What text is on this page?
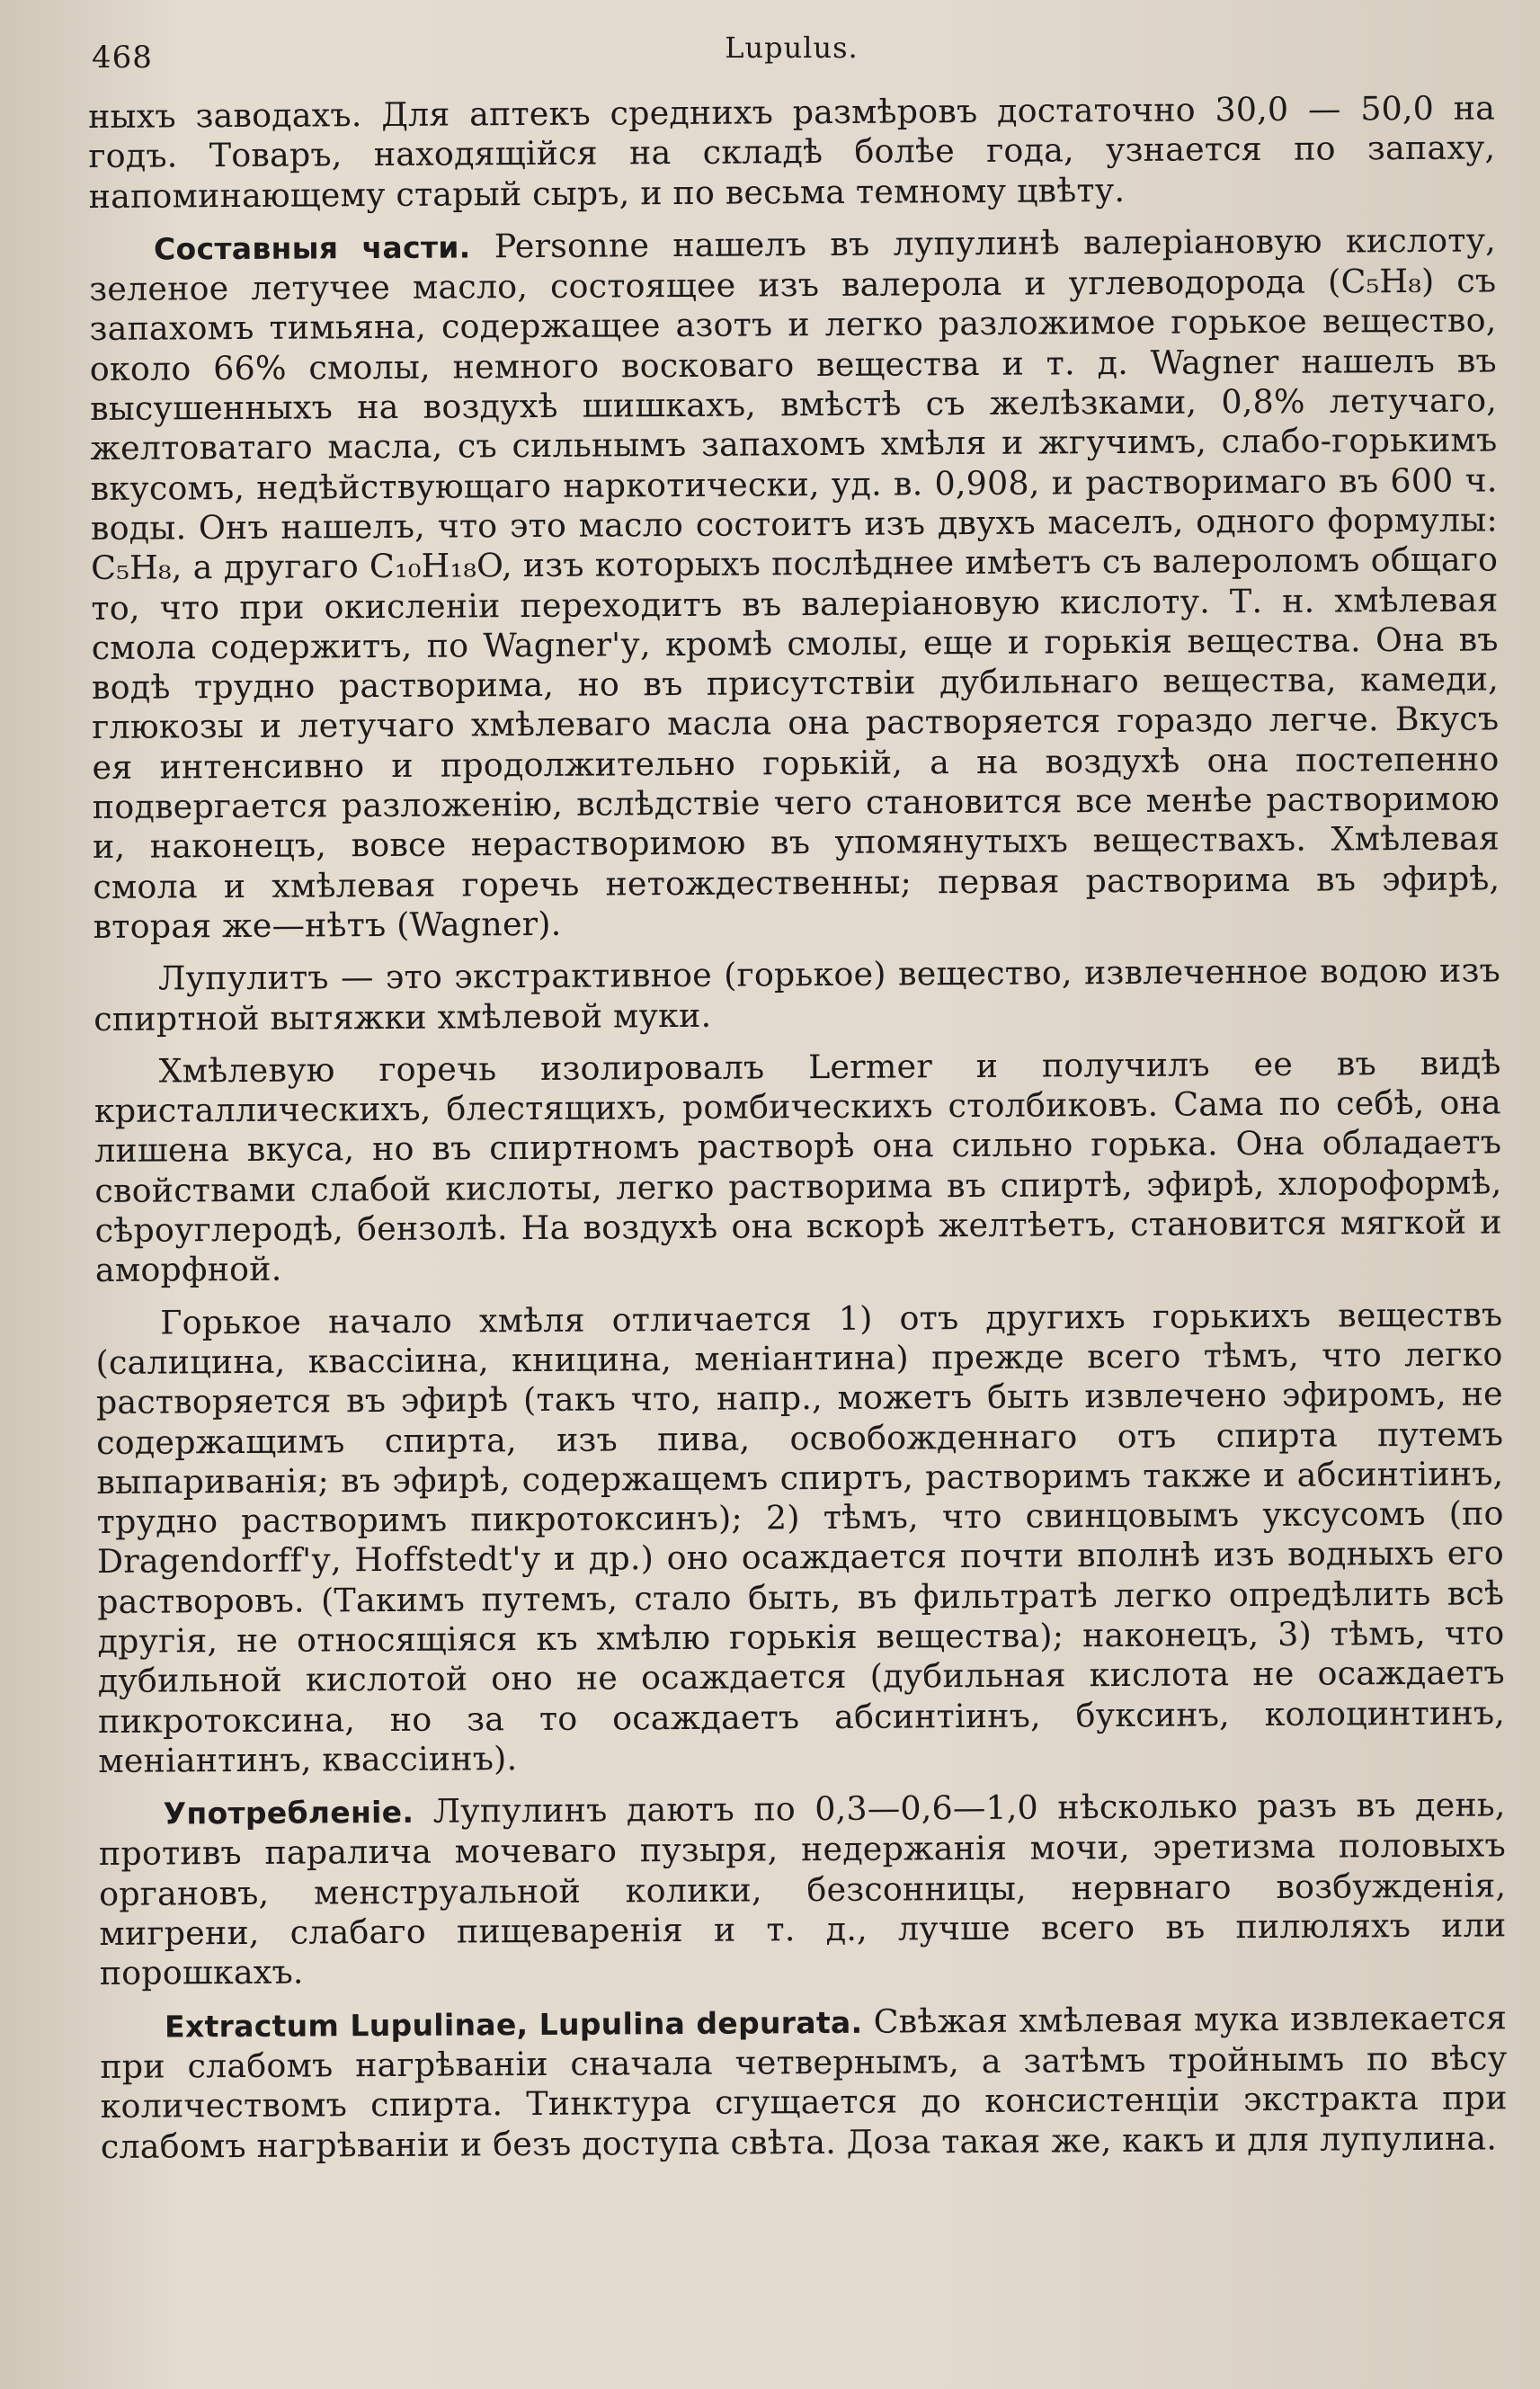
468	Lupulus.

ныхъ заводахъ. Для аптекъ среднихъ размѣровъ достаточно 30,0 — 50,0 на годъ. Товаръ, находящійся на складѣ болѣе года, узнается по запаху, напоминающему старый сыръ, и по весьма темному цвѣту.

Составныя части. Personne нашелъ въ лупулинѣ валеріановую кислоту, зеленое летучее масло, состоящее изъ валерола и углеводорода (C₅H₈) съ запахомъ тимьяна, содержащее азотъ и легко разложимое горькое вещество, около 66% смолы, немного восковаго вещества и т. д. Wagner нашелъ въ высушенныхъ на воздухѣ шишкахъ, вмѣстѣ съ желѣзками, 0,8% летучаго, желтоватаго масла, съ сильнымъ запахомъ хмѣля и жгучимъ, слабо-горькимъ вкусомъ, недѣйствующаго наркотически, уд. в. 0,908, и растворимаго въ 600 ч. воды. Онъ нашелъ, что это масло состоитъ изъ двухъ маселъ, одного формулы: C₅H₈, а другаго C₁₀H₁₈O, изъ которыхъ послѣднее имѣетъ съ валероломъ общаго то, что при окисленіи переходитъ въ валеріановую кислоту. Т. н. хмѣлевая смола содержитъ, по Wagner'у, кромѣ смолы, еще и горькія вещества. Она въ водѣ трудно растворима, но въ присутствіи дубильнаго вещества, камеди, глюкозы и летучаго хмѣлеваго масла она растворяется гораздо легче. Вкусъ ея интенсивно и продолжительно горькій, а на воздухѣ она постепенно подвергается разложенію, вслѣдствіе чего становится все менѣе растворимою и, наконецъ, вовсе нерастворимою въ упомянутыхъ веществахъ. Хмѣлевая смола и хмѣлевая горечь нетождественны; первая растворима въ эфирѣ, вторая же—нѣтъ (Wagner).

Лупулитъ — это экстрактивное (горькое) вещество, извлеченное водою изъ спиртной вытяжки хмѣлевой муки.

Хмѣлевую горечь изолировалъ Lermer и получилъ ее въ видѣ кристаллическихъ, блестящихъ, ромбическихъ столбиковъ. Сама по себѣ, она лишена вкуса, но въ спиртномъ растворѣ она сильно горька. Она обладаетъ свойствами слабой кислоты, легко растворима въ спиртѣ, эфирѣ, хлороформѣ, сѣроуглеродѣ, бензолѣ. На воздухѣ она вскорѣ желтѣетъ, становится мягкой и аморфной.

Горькое начало хмѣля отличается 1) отъ другихъ горькихъ веществъ (салицина, квассіина, кницина, меніантина) прежде всего тѣмъ, что легко растворяется въ эфирѣ (такъ что, напр., можетъ быть извлечено эфиромъ, не содержащимъ спирта, изъ пива, освобожденнаго отъ спирта путемъ выпариванія; въ эфирѣ, содержащемъ спиртъ, растворимъ также и абсинтіинъ, трудно растворимъ пикротоксинъ); 2) тѣмъ, что свинцовымъ уксусомъ (по Dragendorff'у, Hoffstedt'у и др.) оно осаждается почти вполнѣ изъ водныхъ его растворовъ. (Такимъ путемъ, стало быть, въ фильтратѣ легко опредѣлить всѣ другія, не относящіяся къ хмѣлю горькія вещества); наконецъ, 3) тѣмъ, что дубильной кислотой оно не осаждается (дубильная кислота не осаждаетъ пикротоксина, но за то осаждаетъ абсинтіинъ, буксинъ, колоцинтинъ, меніантинъ, квассіинъ).

Употребленіе. Лупулинъ даютъ по 0,3—0,6—1,0 нѣсколько разъ въ день, противъ паралича мочеваго пузыря, недержанія мочи, эретизма половыхъ органовъ, менструальной колики, безсонницы, нервнаго возбужденія, мигрени, слабаго пищеваренія и т. д., лучше всего въ пилюляхъ или порошкахъ.

Extractum Lupulinae, Lupulina depurata. Свѣжая хмѣлевая мука извлекается при слабомъ нагрѣваніи сначала четвернымъ, а затѣмъ тройнымъ по вѣсу количествомъ спирта. Тинктура сгущается до консистенціи экстракта при слабомъ нагрѣваніи и безъ доступа свѣта. Доза такая же, какъ и для лупулина.
